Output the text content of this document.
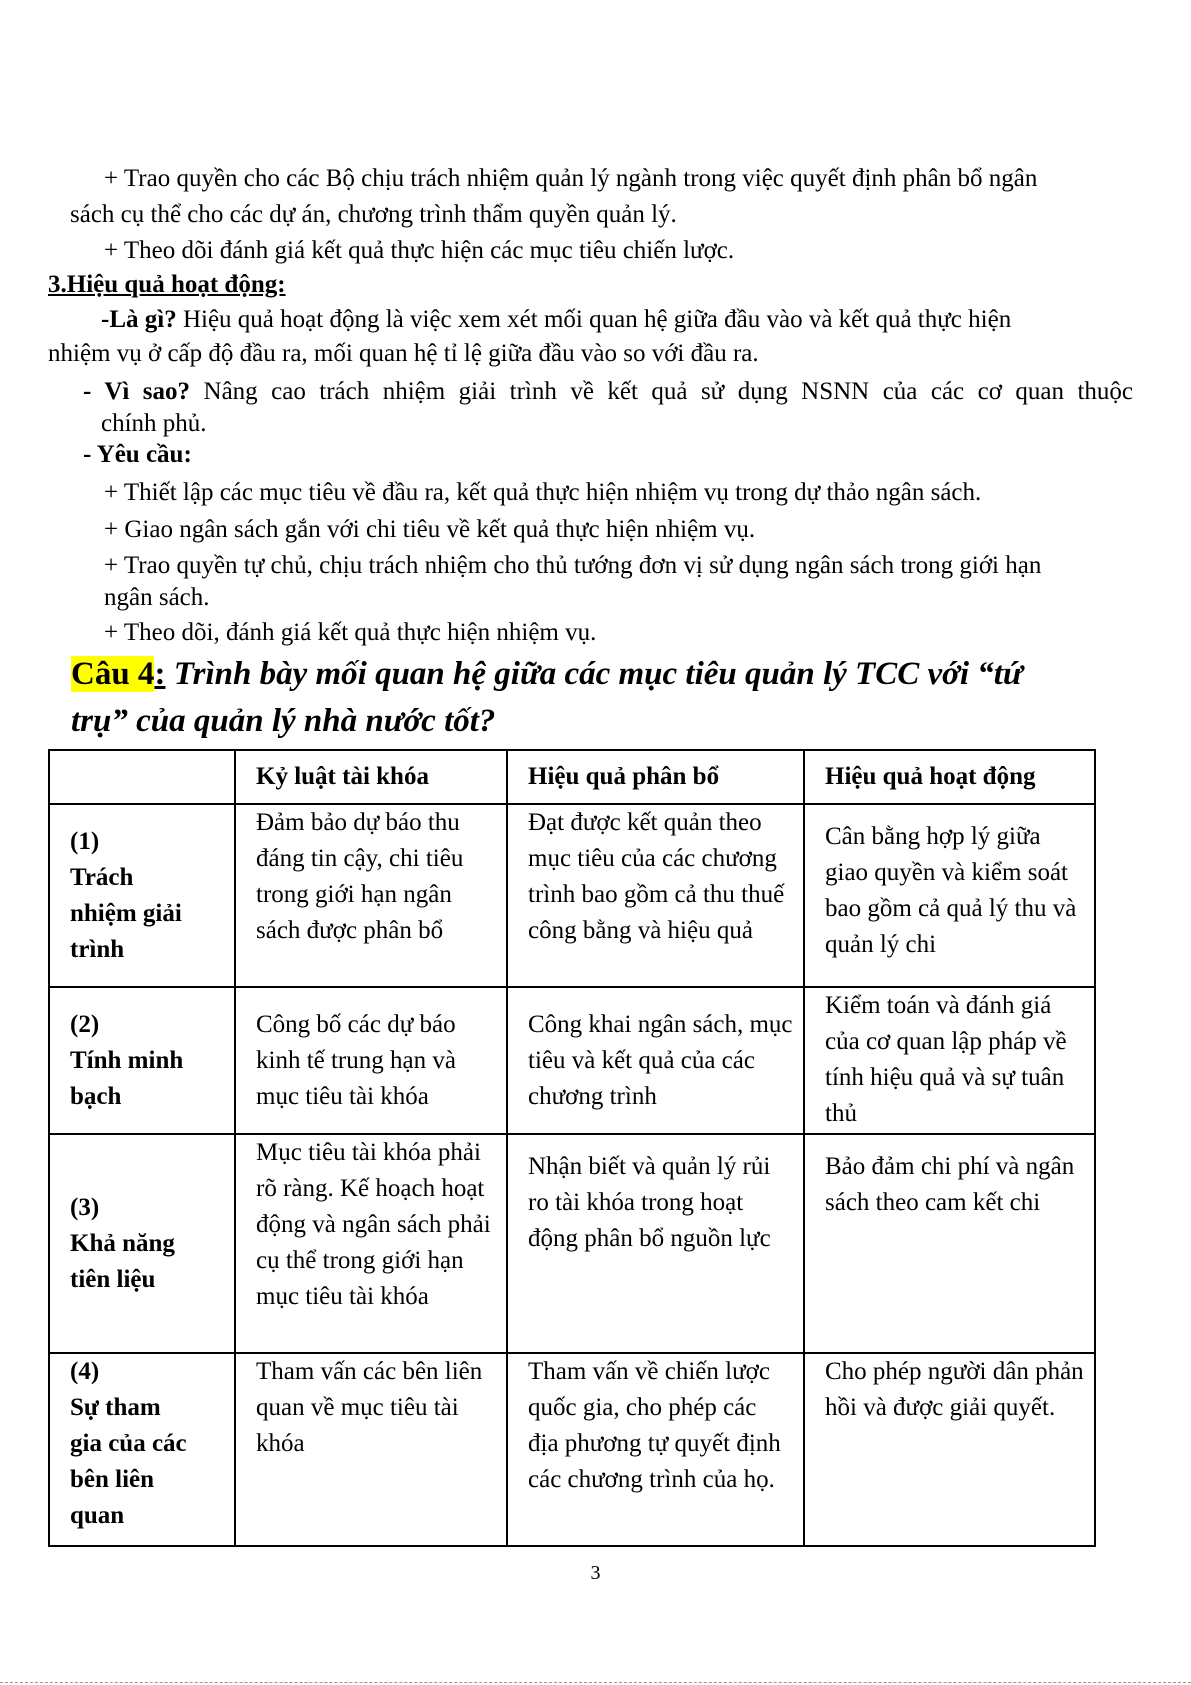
+ Trao quyền cho các Bộ chịu trách nhiệm quản lý ngành trong việc quyết định phân bổ ngân
sách cụ thể cho các dự án, chương trình thẩm quyền quản lý.
+ Theo dõi đánh giá kết quả thực hiện các mục tiêu chiến lược.
3.Hiệu quả hoạt động:
-Là gì? Hiệu quả hoạt động là việc xem xét mối quan hệ giữa đầu vào và kết quả thực hiện
nhiệm vụ ở cấp độ đầu ra, mối quan hệ tỉ lệ giữa đầu vào so với đầu ra.
- Vì sao? Nâng cao trách nhiệm giải trình về kết quả sử dụng NSNN của các cơ quan thuộc
chính phủ.
- Yêu cầu:
+ Thiết lập các mục tiêu về đầu ra, kết quả thực hiện nhiệm vụ trong dự thảo ngân sách.
+ Giao ngân sách gắn với chi tiêu về kết quả thực hiện nhiệm vụ.
+ Trao quyền tự chủ, chịu trách nhiệm cho thủ tướng đơn vị sử dụng ngân sách trong giới hạn
ngân sách.
+ Theo dõi, đánh giá kết quả thực hiện nhiệm vụ.
Câu 4: Trình bày mối quan hệ giữa các mục tiêu quản lý TCC với “tứ
trụ” của quản lý nhà nước tốt?
	Kỷ luật tài khóa	Hiệu quả phân bổ	Hiệu quả hoạt động

(1)
Trách
nhiệm giải
trình	Đảm bảo dự báo thu đáng tin cậy, chi tiêu trong giới hạn ngân sách được phân bổ	Đạt được kết quản theo mục tiêu của các chương trình bao gồm cả thu thuế công bằng và hiệu quả	Cân bằng hợp lý giữa giao quyền và kiểm soát bao gồm cả quả lý thu và quản lý chi

(2)
Tính minh
bạch	Công bố các dự báo kinh tế trung hạn và mục tiêu tài khóa	Công khai ngân sách, mục tiêu và kết quả của các chương trình	Kiểm toán và đánh giá của cơ quan lập pháp về tính hiệu quả và sự tuân thủ

(3)
Khả năng
tiên liệu	Mục tiêu tài khóa phải rõ ràng. Kế hoạch hoạt động và ngân sách phải cụ thể trong giới hạn mục tiêu tài khóa	Nhận biết và quản lý rủi ro tài khóa trong hoạt động phân bổ nguồn lực	Bảo đảm chi phí và ngân sách theo cam kết chi

(4)
Sự tham
gia của các
bên liên
quan	Tham vấn các bên liên quan về mục tiêu tài khóa	Tham vấn về chiến lược quốc gia, cho phép các địa phương tự quyết định các chương trình của họ.	Cho phép người dân phản hồi và được giải quyết.
3
